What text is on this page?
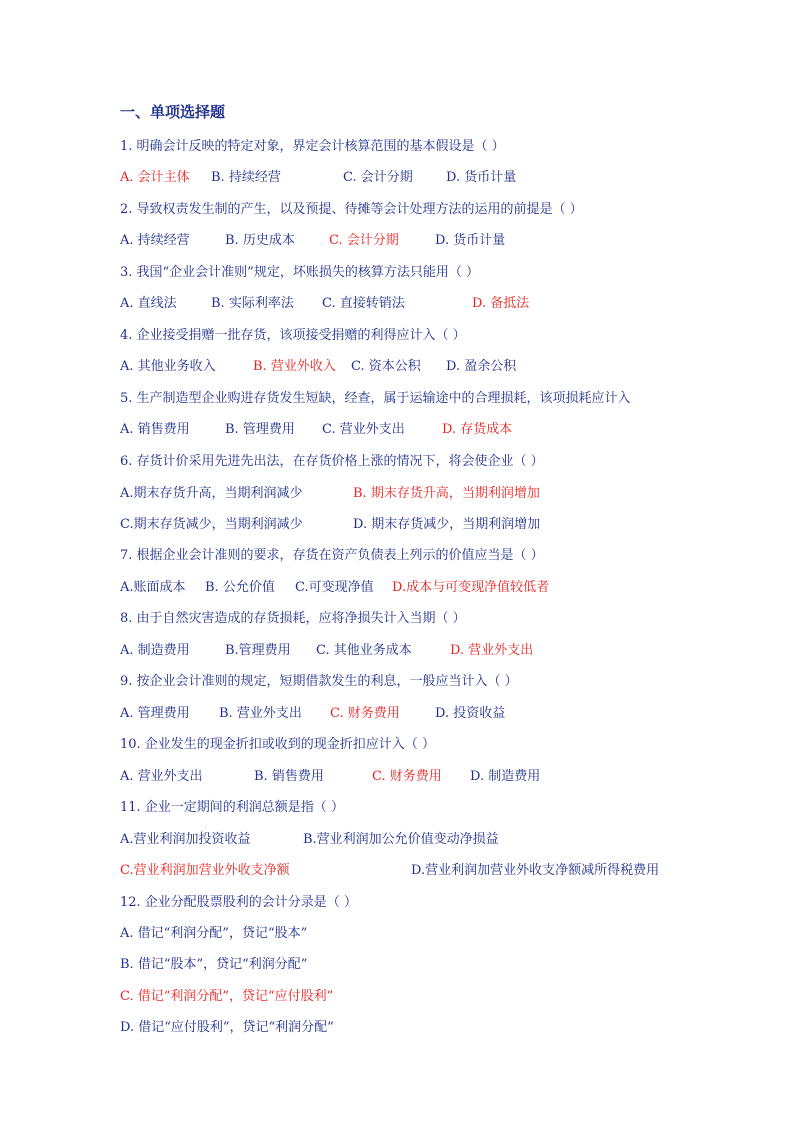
一、单项选择题
1. 明确会计反映的特定对象，界定会计核算范围的基本假设是（ ）
A. 会计主体 B. 持续经营	C. 会计分期	D. 货币计量
2. 导致权责发生制的产生，以及预提、待摊等会计处理方法的运用的前提是（ ）
A. 持续经营	B. 历史成本	C. 会计分期	D. 货币计量
3. 我国“企业会计准则”规定，坏账损失的核算方法只能用（ ）
A. 直线法	B. 实际利率法 C. 直接转销法	D. 备抵法
4. 企业接受捐赠一批存货，该项接受捐赠的利得应计入（ ）
A. 其他业务收入	B. 营业外收入 C. 资本公积 D. 盈余公积
5. 生产制造型企业购进存货发生短缺，经查，属于运输途中的合理损耗，该项损耗应计入
A. 销售费用	B. 管理费用 C. 营业外支出	D. 存货成本
6. 存货计价采用先进先出法，在存货价格上涨的情况下，将会使企业（ ）
A.期末存货升高，当期利润减少	B. 期末存货升高，当期利润增加
C.期末存货减少，当期利润减少	D. 期末存货减少，当期利润增加
7. 根据企业会计准则的要求，存货在资产负债表上列示的价值应当是（ ）
A.账面成本 B. 公允价值 C.可变现净值 D.成本与可变现净值较低者
8. 由于自然灾害造成的存货损耗，应将净损失计入当期（ ）
A. 制造费用	B.管理费用 C. 其他业务成本	D. 营业外支出
9. 按企业会计准则的规定，短期借款发生的利息，一般应当计入（ ）
A. 管理费用 B. 营业外支出 C. 财务费用	D. 投资收益
10. 企业发生的现金折扣或收到的现金折扣应计入（ ）
A. 营业外支出	B. 销售费用	C. 财务费用 D. 制造费用
11. 企业一定期间的利润总额是指（ ）
A.营业利润加投资收益	B.营业利润加公允价值变动净损益
C.营业利润加营业外收支净额	D.营业利润加营业外收支净额减所得税费用
12. 企业分配股票股利的会计分录是（ ）
A. 借记“利润分配”，贷记“股本”
B. 借记“股本”，贷记“利润分配”
C. 借记“利润分配”，贷记“应付股利”
D. 借记“应付股利”，贷记“利润分配”
